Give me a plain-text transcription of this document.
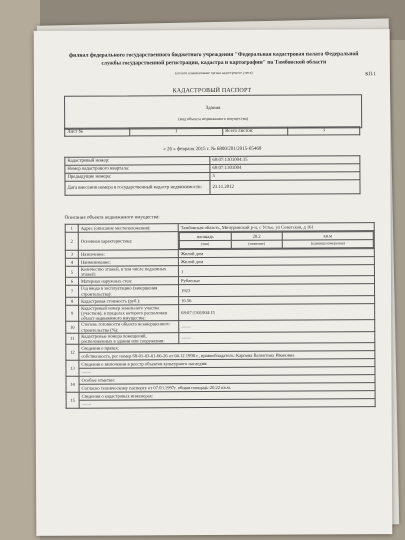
филиал федерального государственного бюджетного учреждения "Федеральная кадастровая палата Федеральной
службы государственной регистрации, кадастра и картографии" по Тамбовской области
(полное наименование органа кадастрового учета)	КП.1
КАДАСТРОВЫЙ ПАСПОРТ
Здания
(вид объекта недвижимого имущества)
Лист №	1	Всего листов:	3
« 26 » февраля 2015 г. № 6800/201/2015-65468
Кадастровый номер:	68:07:1301004:35
Номер кадастрового квартала:	68:07:1301004
Предыдущие номера:	5
Дата внесения номера в государственный кадастр недвижимости:	23.11.2012
Описание объекта недвижимого имущества:
1	Адрес (описание местоположения):	Тамбовская область, Мичуринский р-н, с Устье, ул Советская, д 161
2	Основная характеристика:	
площадь	20.2	кв.м
(тип)	(значение)	(единица измерения)

3	Назначение:	Жилой дом
4	Наименование:	Жилой дом
5	Количество этажей, в том числе подземных этажей:	1
6	Материал наружных стен:	Рубленые
7	Год ввода в эксплуатацию (завершения строительства):	1923
8	Кадастровая стоимость (руб.):	16.56
9	Кадастровый номер земельного участка (участков), в пределах которого расположен объект недвижимого имущества:	68:07:1301004:15
10	Степень готовности объекта незавершенного строительства (%):	——
11	Кадастровые номера помещений, расположенных в здании или сооружении:	——
12	Сведения о правах:
собственность, рег номер 68-01-03-01-66-26 от 04.12.1998 г., правообладатель: Карпова Валентина Ивановна
13	Сведения о включении в реестр объектов культурного наследия:
——
14	Особые отметки:
Согласно техническому паспорту от 07.03.1997г. общая площадь-20.22 кв.м.
15	Сведения о кадастровых инженерах:
——
